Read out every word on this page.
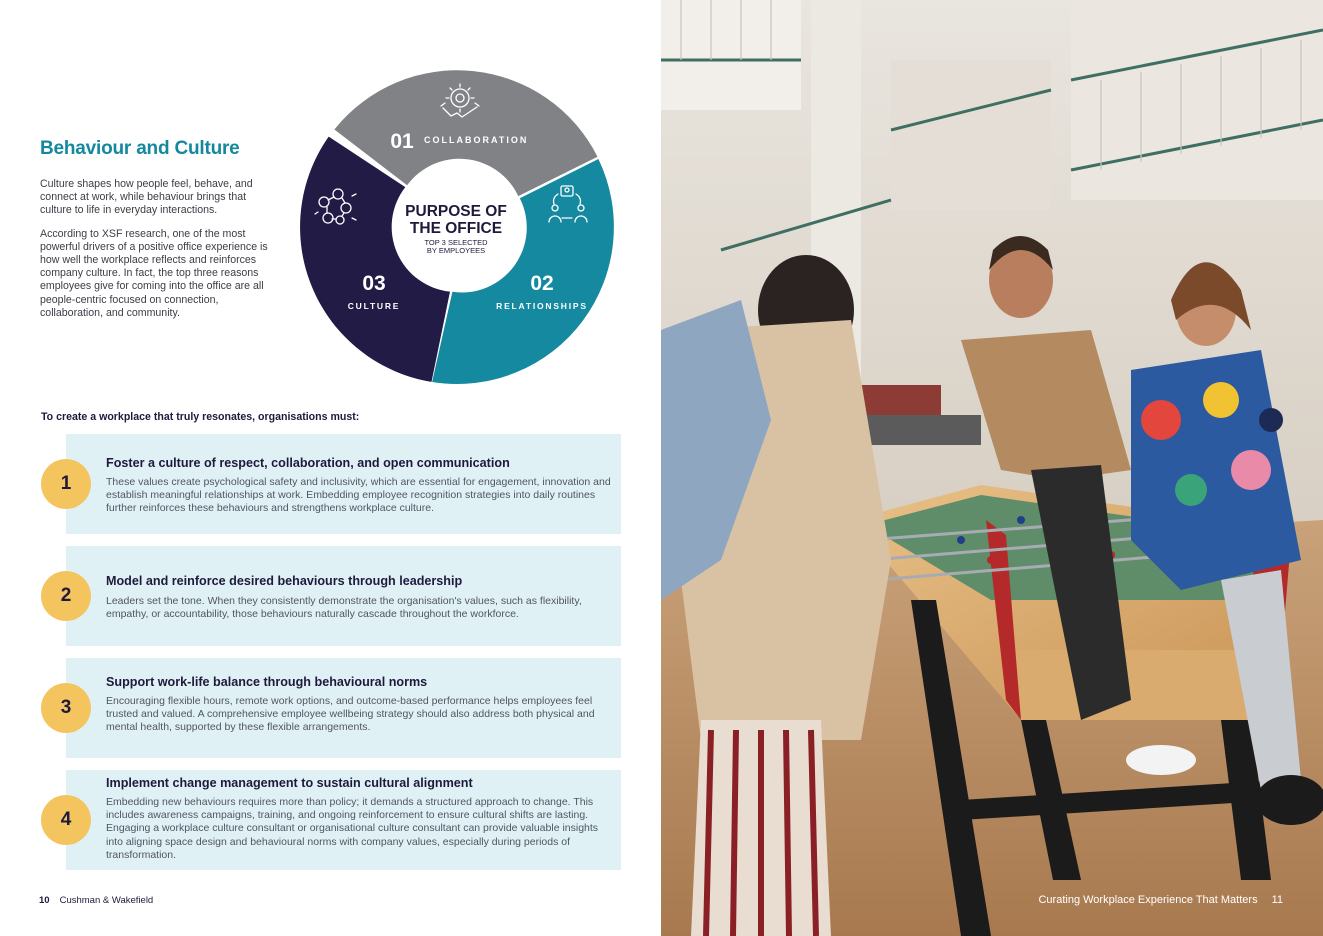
Behaviour and Culture

Culture shapes how people feel, behave, and connect at work, while behaviour brings that culture to life in everyday interactions.

According to XSF research, one of the most powerful drivers of a positive office experience is how well the workplace reflects and reinforces company culture. In fact, the top three reasons employees give for coming into the office are all people-centric focused on connection, collaboration, and community.

PURPOSE OF
THE OFFICE
TOP 3 SELECTED
BY EMPLOYEES
01 COLLABORATION
02
RELATIONSHIPS
03
CULTURE
To create a workplace that truly resonates, organisations must:
Foster a culture of respect, collaboration, and open communication
These values create psychological safety and inclusivity, which are essential for engagement, innovation and establish meaningful relationships at work. Embedding employee recognition strategies into daily routines further reinforces these behaviours and strengthens workplace culture.
1
Model and reinforce desired behaviours through leadership
Leaders set the tone. When they consistently demonstrate the organisation's values, such as flexibility, empathy, or accountability, those behaviours naturally cascade throughout the workforce.
2
Support work-life balance through behavioural norms
Encouraging flexible hours, remote work options, and outcome-based performance helps employees feel trusted and valued. A comprehensive employee wellbeing strategy should also address both physical and mental health, supported by these flexible arrangements.
3
Implement change management to sustain cultural alignment
Embedding new behaviours requires more than policy; it demands a structured approach to change. This includes awareness campaigns, training, and ongoing reinforcement to ensure cultural shifts are lasting. Engaging a workplace culture consultant or organisational culture consultant can provide valuable insights into aligning space design and behavioural norms with company values, especially during periods of transformation.
4
10 Cushman & Wakefield	Curating Workplace Experience That Matters 11
